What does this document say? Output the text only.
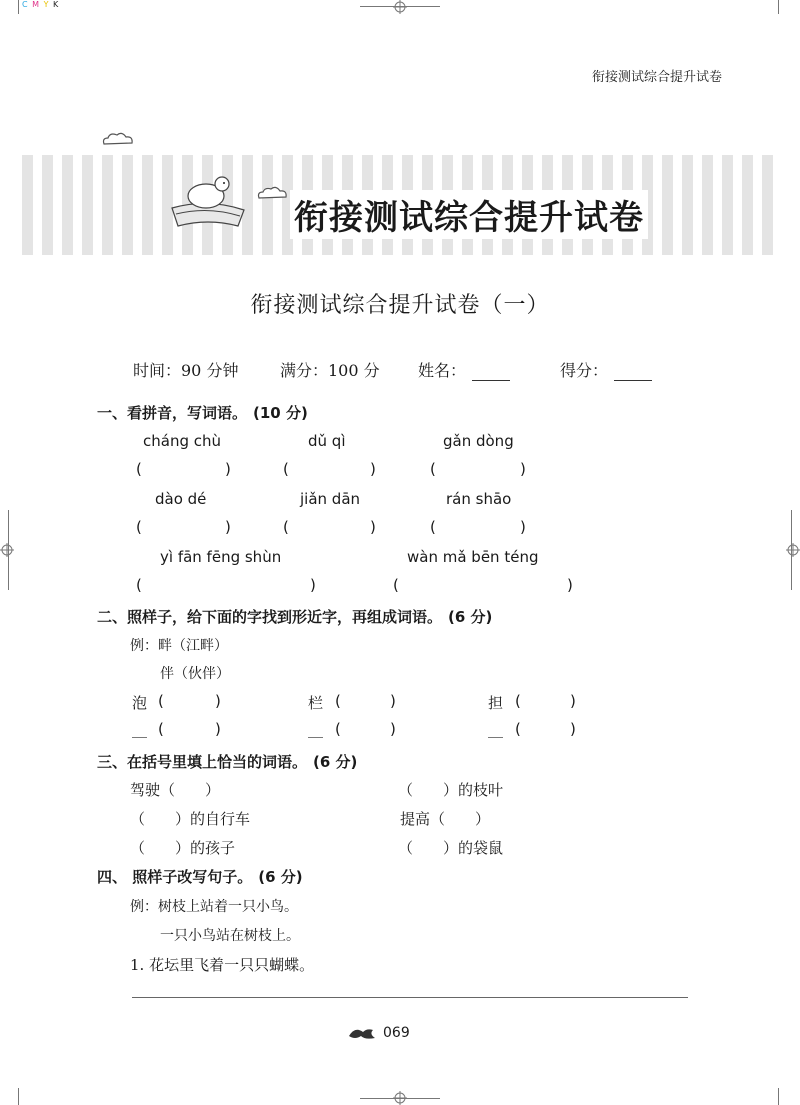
C M Y K
衔接测试综合提升试卷
衔接测试综合提升试卷
衔接测试综合提升试卷（一）
时间：90 分钟	满分：100 分 姓名：	得分：
一、看拼音，写词语。 (10 分)
cháng chù	dǔ qì	gǎn dòng
(	)	(	)	(	)
dào dé	jiǎn dān	rán shāo
(	)	(	)	(	)
yì fān fēng shùn	wàn mǎ bēn téng
(	)	(	)
二、照样子，给下面的字找到形近字，再组成词语。 (6 分)
例：畔（江畔）
伴（伙伴）
泡 (	)	栏 (	)	担 (	)
__ (	)	__ (	)	__ (	)
三、在括号里填上恰当的词语。 (6 分)
驾驶（　　）	（　　）的枝叶
（　　）的自行车	提高（　　）
（　　）的孩子	（　　）的袋鼠
四、 照样子改写句子。 (6 分)
例：树枝上站着一只小鸟。
一只小鸟站在树枝上。
1. 花坛里飞着一只只蝴蝶。
069
